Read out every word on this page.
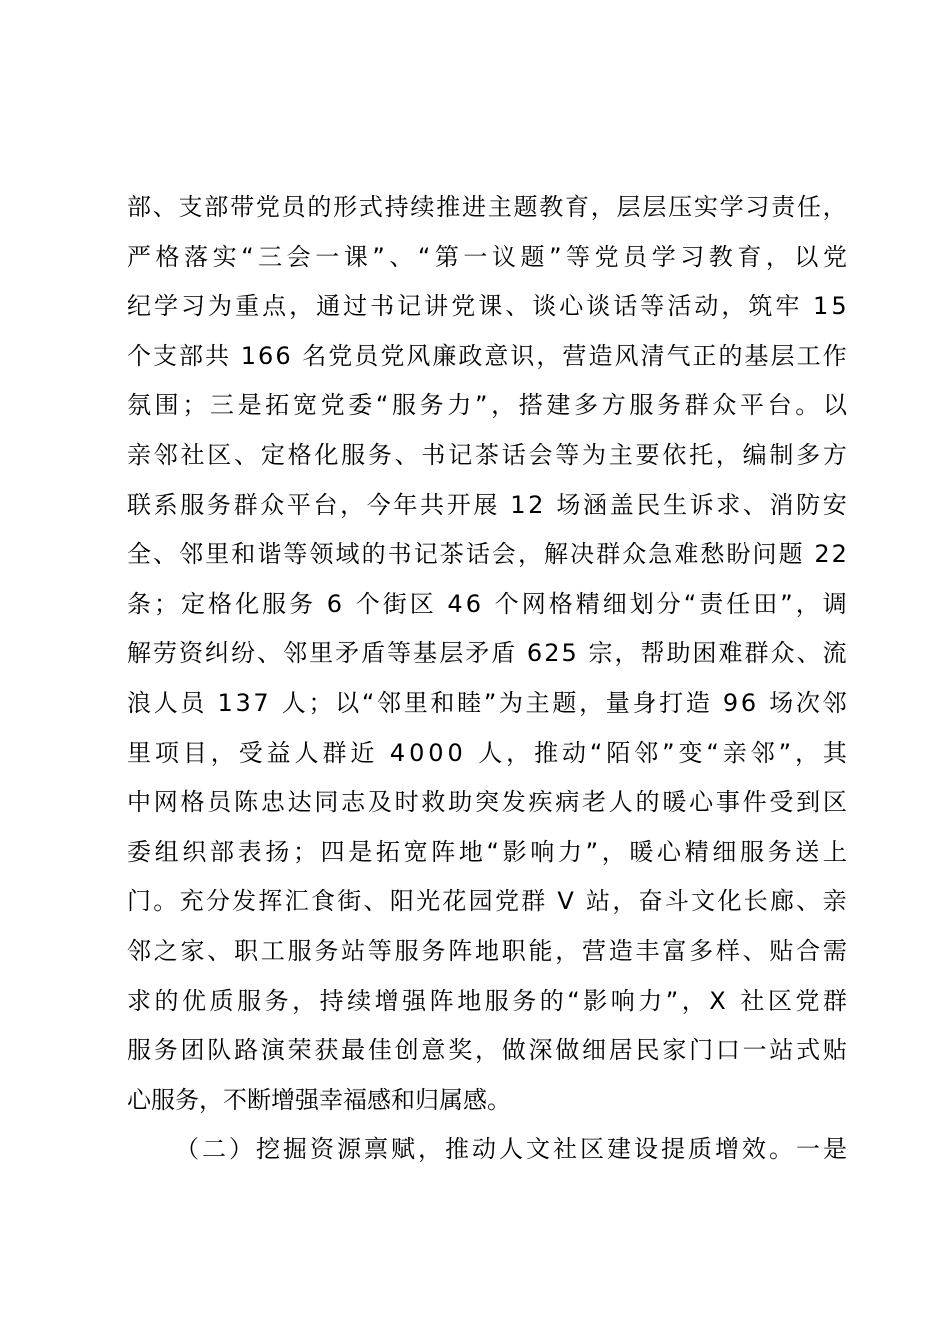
部 、 支 部 带 党 员 的 形 式 持 续 推 进 主 题 教 育 ， 层 层 压 实 学 习 责 任 ，
严 格 落 实 “ 三 会 一 课 ” 、 “ 第 一 议 题 ” 等 党 员 学 习 教 育 ， 以 党
纪 学 习 为 重 点 ， 通 过 书 记 讲 党 课 、 谈 心 谈 话 等 活 动 ， 筑 牢
1 5
个 支 部 共
1 6 6
名 党 员 党 风 廉 政 意 识 ， 营 造 风 清 气 正 的 基 层 工 作
氛 围 ； 三 是 拓 宽 党 委 “ 服 务 力 ” ， 搭 建 多 方 服 务 群 众 平 台 。 以
亲 邻 社 区 、 定 格 化 服 务 、 书 记 茶 话 会 等 为 主 要 依 托 ， 编 制 多 方
联 系 服 务 群 众 平 台 ， 今 年 共 开 展
1 2
场 涵 盖 民 生 诉 求 、 消 防 安
全 、 邻 里 和 谐 等 领 域 的 书 记 茶 话 会 ， 解 决 群 众 急 难 愁 盼 问 题
2 2
条 ； 定 格 化 服 务
6
个 街 区
4 6
个 网 格 精 细 划 分 “ 责 任 田 ” ， 调
解 劳 资 纠 纷 、 邻 里 矛 盾 等 基 层 矛 盾
6 2 5
宗 ， 帮 助 困 难 群 众 、 流
浪 人 员
1 3 7
人 ； 以 “ 邻 里 和 睦 ” 为 主 题 ， 量 身 打 造
9 6
场 次 邻
里 项 目 ， 受 益 人 群 近
4 0 0 0
人 ， 推 动 “ 陌 邻 ” 变 “ 亲 邻 ” ， 其
中 网 格 员 陈 忠 达 同 志 及 时 救 助 突 发 疾 病 老 人 的 暖 心 事 件 受 到 区
委 组 织 部 表 扬 ； 四 是 拓 宽 阵 地 “ 影 响 力 ” ， 暖 心 精 细 服 务 送 上
门 。 充 分 发 挥 汇 食 街 、 阳 光 花 园 党 群
V
站 ， 奋 斗 文 化 长 廊 、 亲
邻 之 家 、 职 工 服 务 站 等 服 务 阵 地 职 能 ， 营 造 丰 富 多 样 、 贴 合 需
求 的 优 质 服 务 ， 持 续 增 强 阵 地 服 务 的 “ 影 响 力 ” ， X
社 区 党 群
服 务 团 队 路 演 荣 获 最 佳 创 意 奖 ， 做 深 做 细 居 民 家 门 口 一 站 式 贴
心服务，不断增强幸福感和归属感。
（ 二 ） 挖 掘 资 源 禀 赋 ， 推 动 人 文 社 区 建 设 提 质 增 效 。 一 是
